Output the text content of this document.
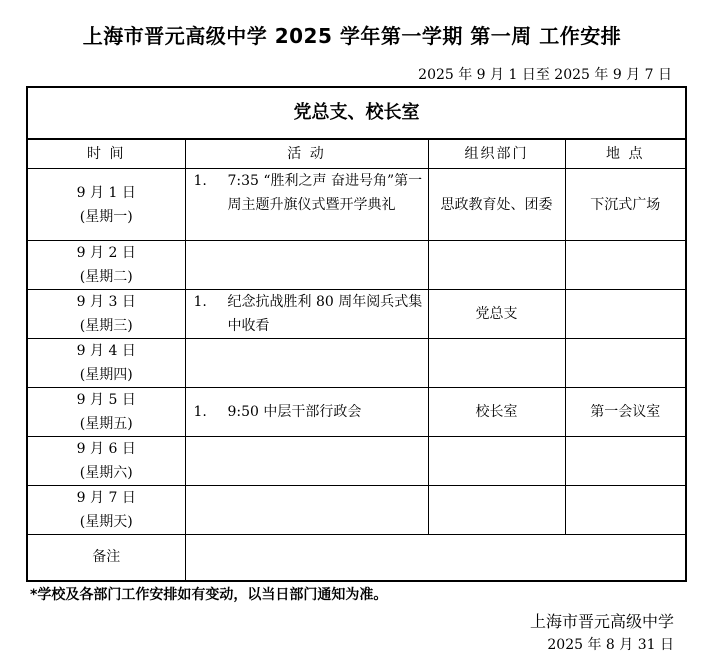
上海市晋元高级中学 2025 学年第一学期 第一周 工作安排
2025 年 9 月 1 日至 2025 年 9 月 7 日
党总支、校长室			
时 间	活 动	组织部门	地 点

9 月 1 日
(星期一)	1. 7:35 “胜利之声 奋进号角”第一周主题升旗仪式暨开学典礼	思政教育处、团委	下沉式广场

9 月 2 日
(星期二)			

9 月 3 日
(星期三)	1. 纪念抗战胜利 80 周年阅兵式集中收看	党总支	

9 月 4 日
(星期四)			

9 月 5 日
(星期五)	1. 9:50 中层干部行政会	校长室	第一会议室

9 月 6 日
(星期六)			

9 月 7 日
(星期天)			

备注			
*学校及各部门工作安排如有变动，以当日部门通知为准。
上海市晋元高级中学
2025 年 8 月 31 日
